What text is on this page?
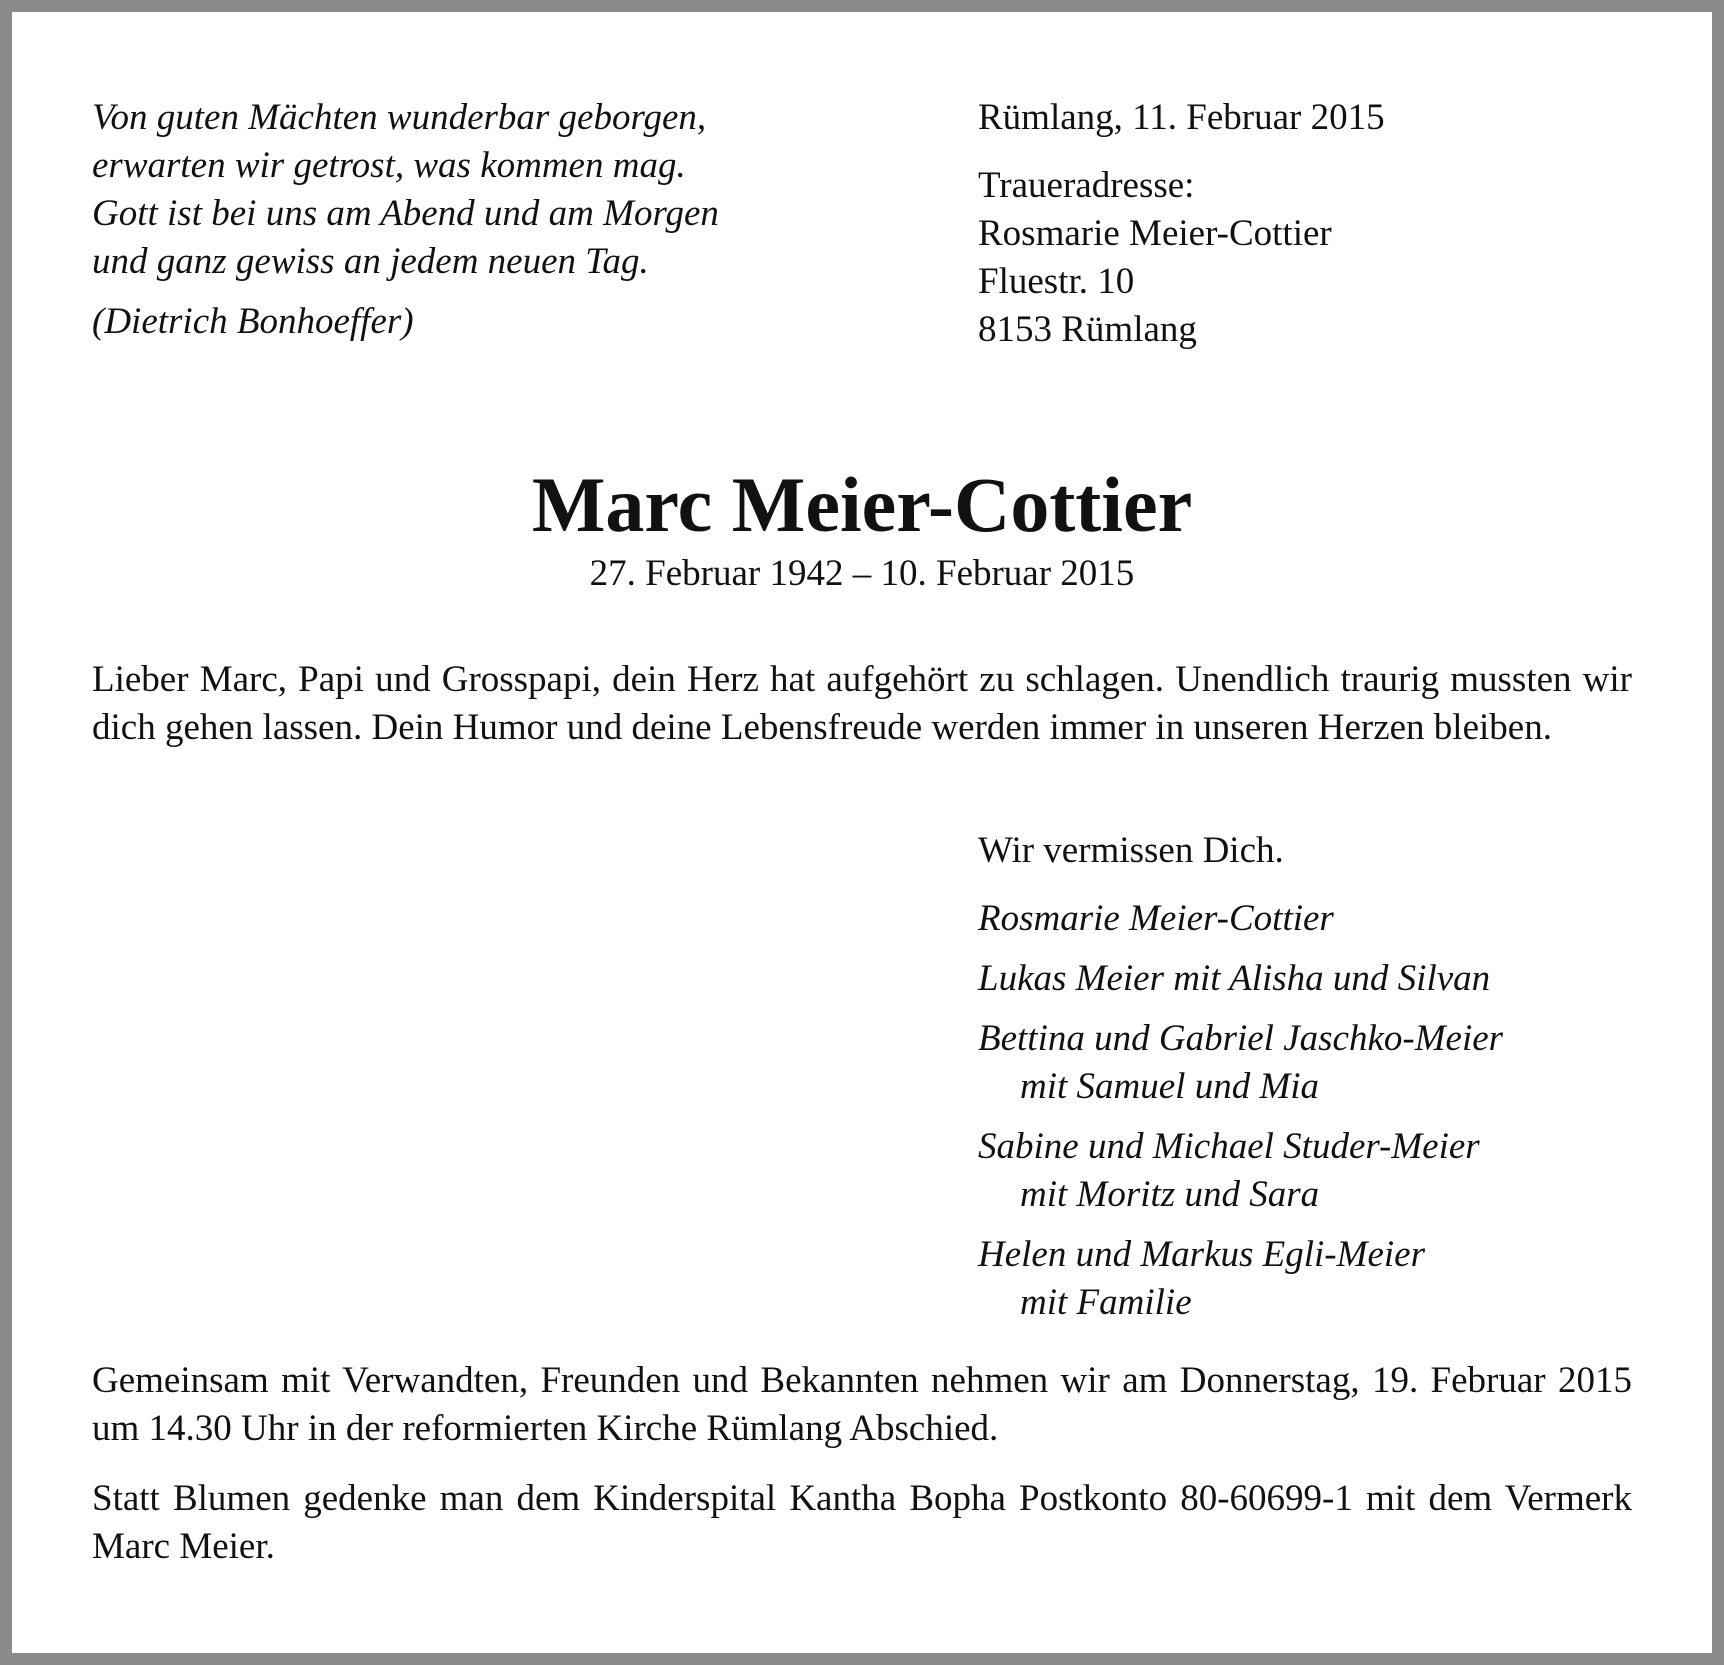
Von guten Mächten wunderbar geborgen,
erwarten wir getrost, was kommen mag.
Gott ist bei uns am Abend und am Morgen
und ganz gewiss an jedem neuen Tag.
(Dietrich Bonhoeffer)
Rümlang, 11. Februar 2015
Traueradresse:
Rosmarie Meier-Cottier
Fluestr. 10
8153 Rümlang
Marc Meier-Cottier
27. Februar 1942 – 10. Februar 2015
Lieber Marc, Papi und Grosspapi, dein Herz hat aufgehört zu schlagen. Unendlich traurig mussten wir dich gehen lassen. Dein Humor und deine Lebensfreude werden immer in unseren Herzen bleiben.
Wir vermissen Dich.
Rosmarie Meier-Cottier
Lukas Meier mit Alisha und Silvan
Bettina und Gabriel Jaschko-Meier
mit Samuel und Mia
Sabine und Michael Studer-Meier
mit Moritz und Sara
Helen und Markus Egli-Meier
mit Familie
Gemeinsam mit Verwandten, Freunden und Bekannten nehmen wir am Donnerstag, 19. Februar 2015 um 14.30 Uhr in der reformierten Kirche Rümlang Abschied.
Statt Blumen gedenke man dem Kinderspital Kantha Bopha Postkonto 80-60699-1 mit dem Vermerk Marc Meier.
